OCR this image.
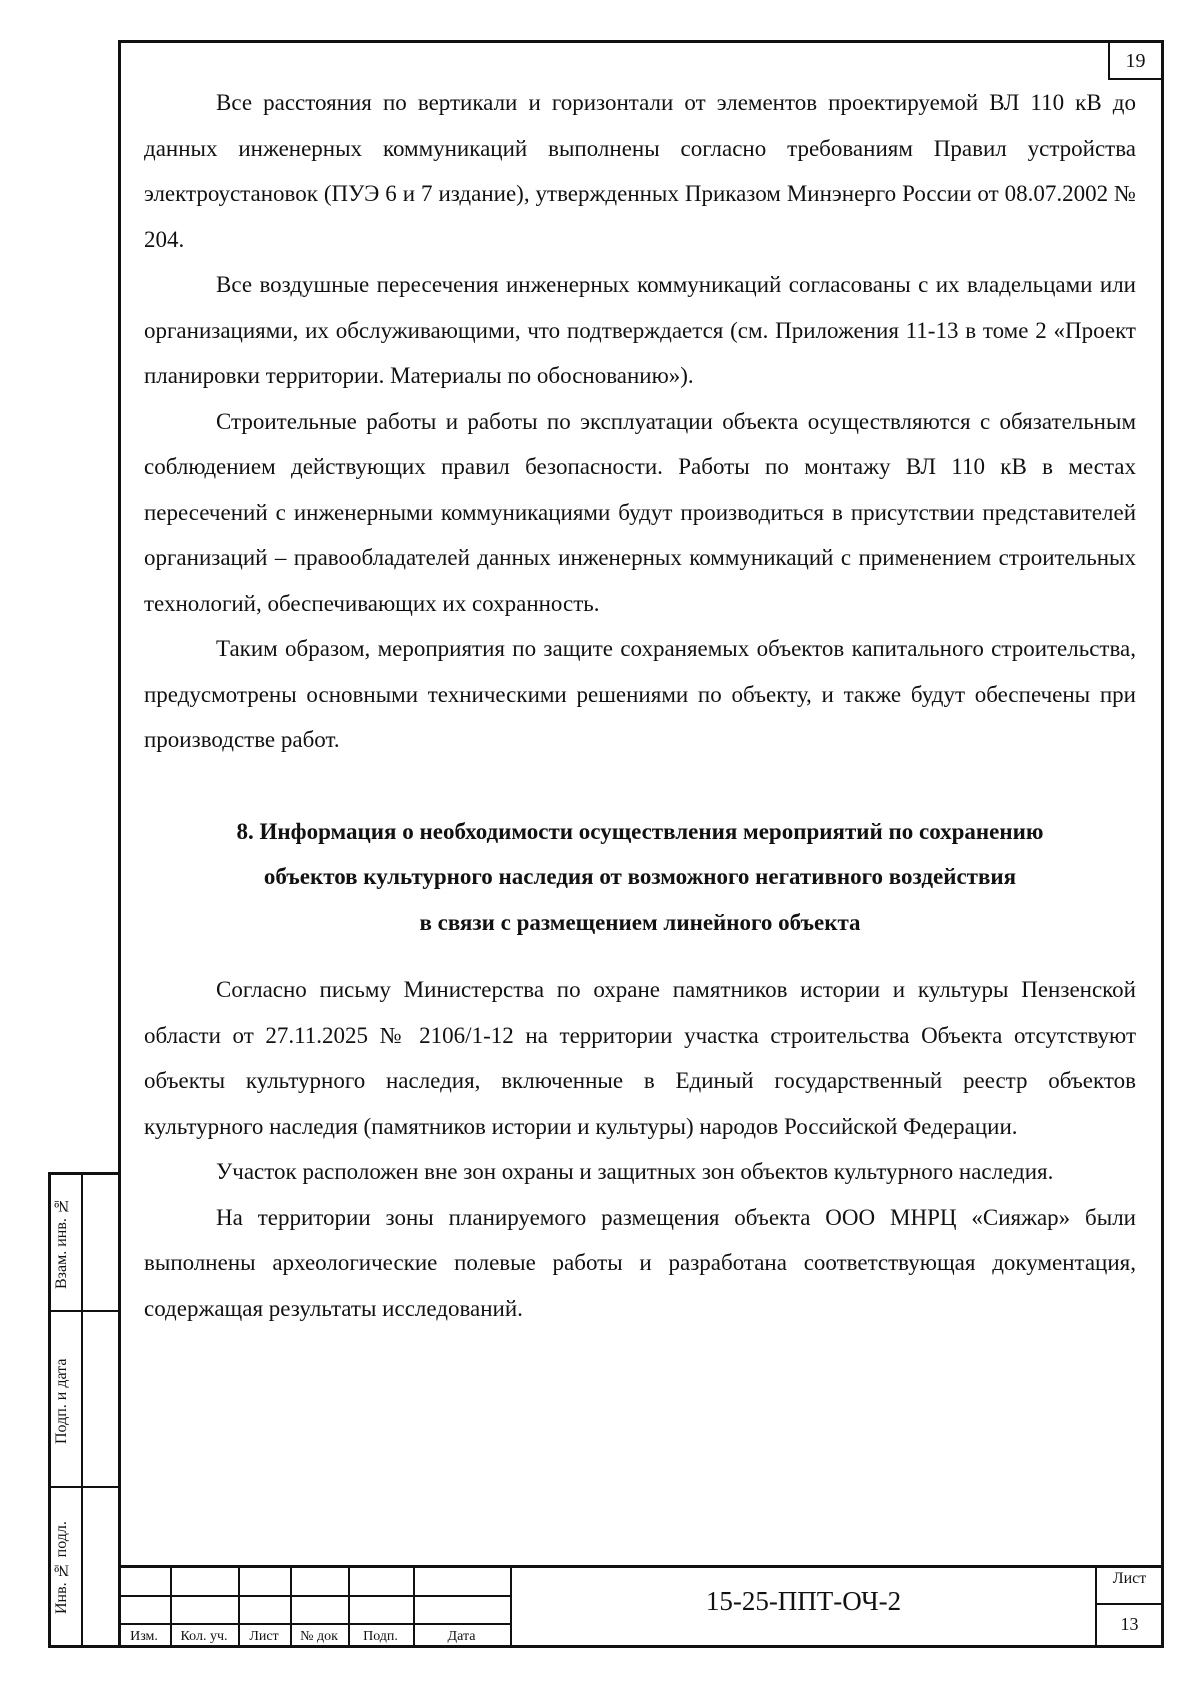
19

Все расстояния по вертикали и горизонтали от элементов проектируемой ВЛ 110 кВ до данных инженерных коммуникаций выполнены согласно требованиям Правил устройства электроустановок (ПУЭ 6 и 7 издание), утвержденных Приказом Минэнерго России от 08.07.2002 № 204.

Все воздушные пересечения инженерных коммуникаций согласованы с их владельцами или организациями, их обслуживающими, что подтверждается (см. Приложения 11-13 в томе 2 «Проект планировки территории. Материалы по обоснованию»).

Строительные работы и работы по эксплуатации объекта осуществляются с обязательным соблюдением действующих правил безопасности. Работы по монтажу ВЛ 110 кВ в местах пересечений с инженерными коммуникациями будут производиться в присутствии представителей организаций – правообладателей данных инженерных коммуникаций с применением строительных технологий, обеспечивающих их сохранность.

Таким образом, мероприятия по защите сохраняемых объектов капитального строительства, предусмотрены основными техническими решениями по объекту, и также будут обеспечены при производстве работ.

8. Информация о необходимости осуществления мероприятий по сохранению
объектов культурного наследия от возможного негативного воздействия
в связи с размещением линейного объекта

Согласно письму Министерства по охране памятников истории и культуры Пензенской области от 27.11.2025 № 2106/1-12 на территории участка строительства Объекта отсутствуют объекты культурного наследия, включенные в Единый государственный реестр объектов культурного наследия (памятников истории и культуры) народов Российской Федерации.

Участок расположен вне зон охраны и защитных зон объектов культурного наследия.

На территории зоны планируемого размещения объекта ООО МНРЦ «Сияжар» были выполнены археологические полевые работы и разработана соответствующая документация, содержащая результаты исследований.

Взам. инв. №
Подп. и дата
Инв. № подл.
Изм.	Кол. уч.	Лист	№ док	Подп.	Дата
15-25-ППТ-ОЧ-2
Лист
13
